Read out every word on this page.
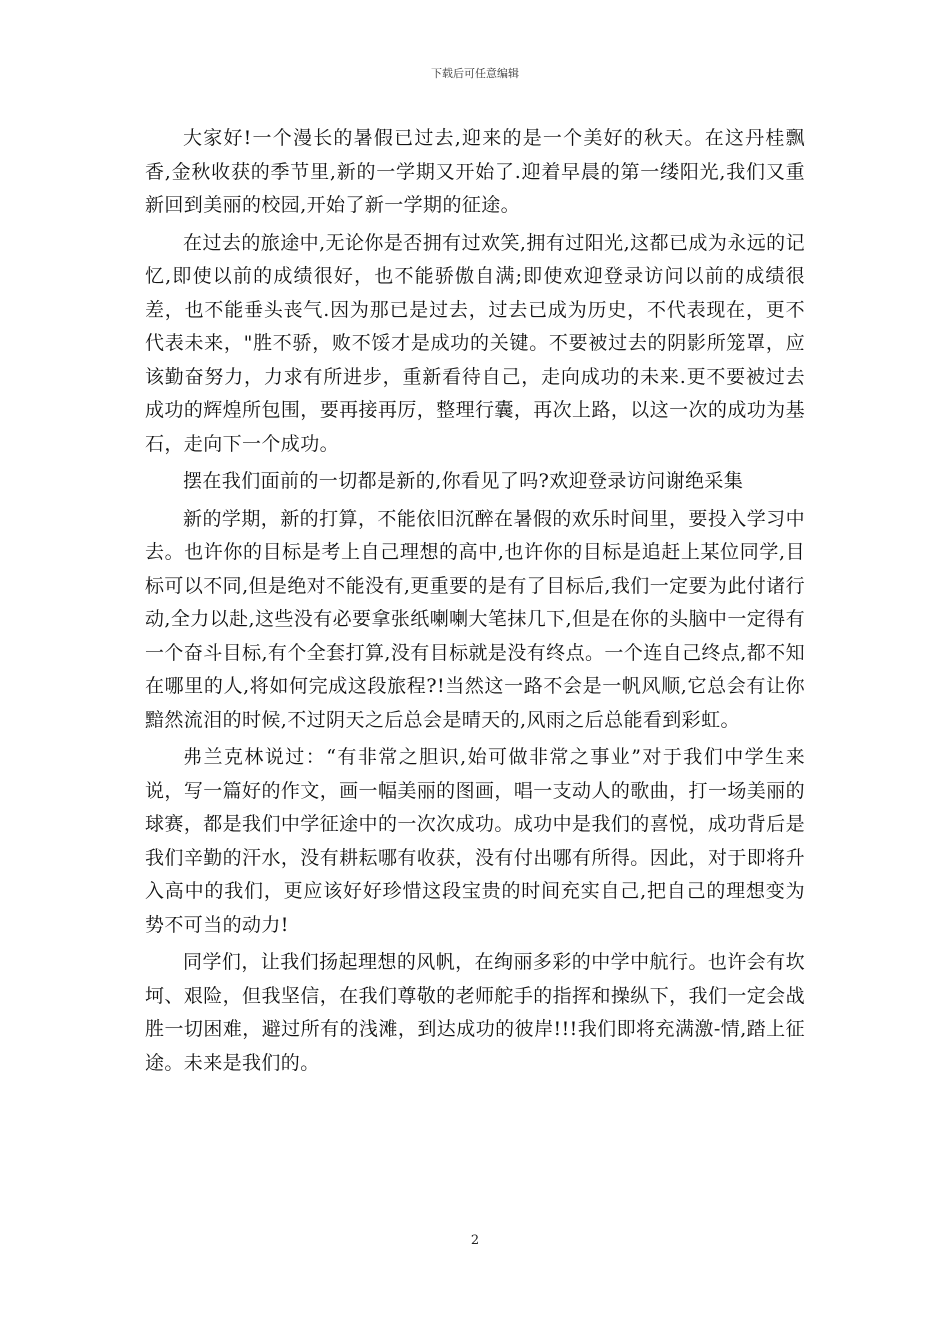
下载后可任意编辑

大家好!一个漫长的暑假已过去,迎来的是一个美好的秋天。在这丹桂飘香,金秋收获的季节里,新的一学期又开始了.迎着早晨的第一缕阳光,我们又重新回到美丽的校园,开始了新一学期的征途。

在过去的旅途中,无论你是否拥有过欢笑,拥有过阳光,这都已成为永远的记忆,即使以前的成绩很好，也不能骄傲自满;即使欢迎登录访问以前的成绩很差，也不能垂头丧气.因为那已是过去，过去已成为历史，不代表现在，更不代表未来，"胜不骄，败不馁才是成功的关键。不要被过去的阴影所笼罩，应该勤奋努力，力求有所进步，重新看待自己，走向成功的未来.更不要被过去成功的辉煌所包围，要再接再厉，整理行囊，再次上路，以这一次的成功为基石，走向下一个成功。

摆在我们面前的一切都是新的,你看见了吗?欢迎登录访问谢绝采集

新的学期，新的打算，不能依旧沉醉在暑假的欢乐时间里，要投入学习中去。也许你的目标是考上自己理想的高中,也许你的目标是追赶上某位同学,目标可以不同,但是绝对不能没有,更重要的是有了目标后,我们一定要为此付诸行动,全力以赴,这些没有必要拿张纸喇喇大笔抹几下,但是在你的头脑中一定得有一个奋斗目标,有个全套打算,没有目标就是没有终点。一个连自己终点,都不知在哪里的人,将如何完成这段旅程?!当然这一路不会是一帆风顺,它总会有让你黯然流泪的时候,不过阴天之后总会是晴天的,风雨之后总能看到彩虹。

弗兰克林说过：“有非常之胆识,始可做非常之事业”对于我们中学生来说，写一篇好的作文，画一幅美丽的图画，唱一支动人的歌曲，打一场美丽的球赛，都是我们中学征途中的一次次成功。成功中是我们的喜悦，成功背后是我们辛勤的汗水，没有耕耘哪有收获，没有付出哪有所得。因此，对于即将升入高中的我们，更应该好好珍惜这段宝贵的时间充实自己,把自己的理想变为势不可当的动力!

同学们，让我们扬起理想的风帆，在绚丽多彩的中学中航行。也许会有坎坷、艰险，但我坚信，在我们尊敬的老师舵手的指挥和操纵下，我们一定会战胜一切困难，避过所有的浅滩，到达成功的彼岸!!!我们即将充满激-情,踏上征途。未来是我们的。

2
